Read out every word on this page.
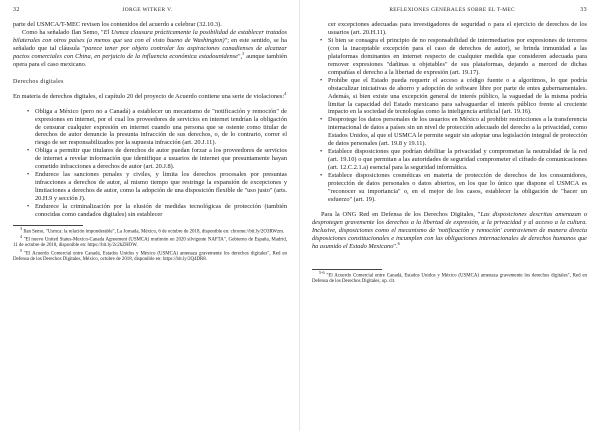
32	JORGE WITKER V.

parte del USMCA/T-MEC revisen los contenidos del acuerdo a celebrar (32.10.3).

Como ha señalado Ilan Semo, "El Usmca clausura prácticamente la posibilidad de establecer tratados bilaterales con otros países (a menos que sea con el visto bueno de Washington)"; en este sentido, se ha señalado que tal cláusula "parece tener por objeto controlar las aspiraciones canadienses de alcanzar pactos comerciales con China, en perjuicio de la influencia económica estadounidense",$^3$ aunque también opera para el caso mexicano.

Derechos digitales

En materia de derechos digitales, el capítulo 20 del proyecto de Acuerdo contiene una serie de violaciones:$^4$

• Obliga a México (pero no a Canadá) a establecer un mecanismo de "notificación y remoción" de expresiones en internet, por el cual los proveedores de servicios en internet tendrían la obligación de censurar cualquier expresión en internet cuando una persona que se ostente como titular de derechos de autor denuncie la presunta infracción de sus derechos, o, de lo contrario, correr el riesgo de ser responsabilizados por la supuesta infracción (art. 20.J.11).
• Obliga a permitir que titulares de derechos de autor puedan forzar a los proveedores de servicios de internet a revelar información que identifique a usuarios de internet que presuntamente hayan cometido infracciones a derechos de autor (art. 20.J.8).
• Endurece las sanciones penales y civiles, y limita los derechos procesales por presuntas infracciones a derechos de autor, al mismo tiempo que restringe la expansión de excepciones y limitaciones a derechos de autor, como la adopción de una disposición flexible de "uso justo" (arts. 20.H.9 y sección J).
• Endurece la criminalización por la elusión de medidas tecnológicas de protección (también conocidas como candados digitales) sin establecer

$^3$ Ilan Semo, "Usmca: la relación imponderable", La Jornada, México, 6 de octubre de 2018, disponible en: chrome://bit.ly/2O3RWzm.

$^4$ "El nuevo United States-Mexico-Canada Agreement (USMCA) mutimón en 2020 silvigente NAFTA", Gobierno de España, Madrid, 11 de octubre de 2018, disponible en: https://bit.ly/2c2kZHOW.

$^5$ "El Acuerdo Comercial entre Canadá, Estados Unidos y México (USMCA) amenaza gravemente los derechos digitales", Red en Defensa de los Derechos Digitales, México, octubre de 2018, disponible en: https://bit.ly/2Q4DR8.

REFLEXIONES GENERALES SOBRE EL T-MEC	33

cer excepciones adecuadas para investigadores de seguridad o para el ejercicio de derechos de los usuarios (art. 20.H.11).

• Si bien se consagra el principio de no responsabilidad de intermediarios por expresiones de terceros (con la inaceptable excepción para el caso de derechos de autor), se brinda inmunidad a las plataformas dominantes en internet respecto de cualquier medida que consideren adecuada para remover expresiones "dañinas u objetables" de sus plataformas, dejando a merced de dichas compañías el derecho a la libertad de expresión (art. 19.17).
• Prohíbe que el Estado pueda requerir el acceso a código fuente o a algoritmos, lo que podría obstaculizar iniciativas de ahorro y adopción de software libre por parte de entes gubernamentales. Además, si bien existe una excepción general de interés público, la vaguedad de la misma podría limitar la capacidad del Estado mexicano para salvaguardar el interés público frente al creciente impacto en la sociedad de tecnologías como la inteligencia artificial (art. 19.16).
• Desprotege los datos personales de los usuarios en México al prohibir restricciones a la transferencia internacional de datos a países sin un nivel de protección adecuado del derecho a la privacidad, como Estados Unidos, al que el USMCA le permite seguir sin adoptar una legislación integral de protección de datos personales (art. 19.8 y 19.11).
• Establece disposiciones que podrían debilitar la privacidad y comprometan la neutralidad de la red (art. 19.10) o que permitan a las autoridades de seguridad comprometer el cifrado de comunicaciones (art. 12.C.2.1.a) esencial para la seguridad informática.
• Establece disposiciones cosméticas en materia de protección de derechos de los consumidores, protección de datos personales o datos abiertos, en los que lo único que dispone el USMCA es "reconocer su importancia" o, en el mejor de los casos, establecer la obligación de "hacer un esfuerzo" (art. 19).

Para la ONG Red en Defensa de los Derechos Digitales, "Las disposiciones descritas amenazan o desprotegen gravemente los derechos a la libertad de expresión, a la privacidad y al acceso a la cultura. Inclusive, disposiciones como el mecanismo de 'notificación y remoción' contravienen de manera directa disposiciones constitucionales e incumplen con las obligaciones internacionales de derechos humanos que ha asumido el Estado Mexicano".$^6$

$^{5-6}$ "El Acuerdo Comercial entre Canadá, Estados Unidos y México (USMCA) amenaza gravemente los derechos digitales", Red en Defensa de los Derechos Digitales, op. cit.
